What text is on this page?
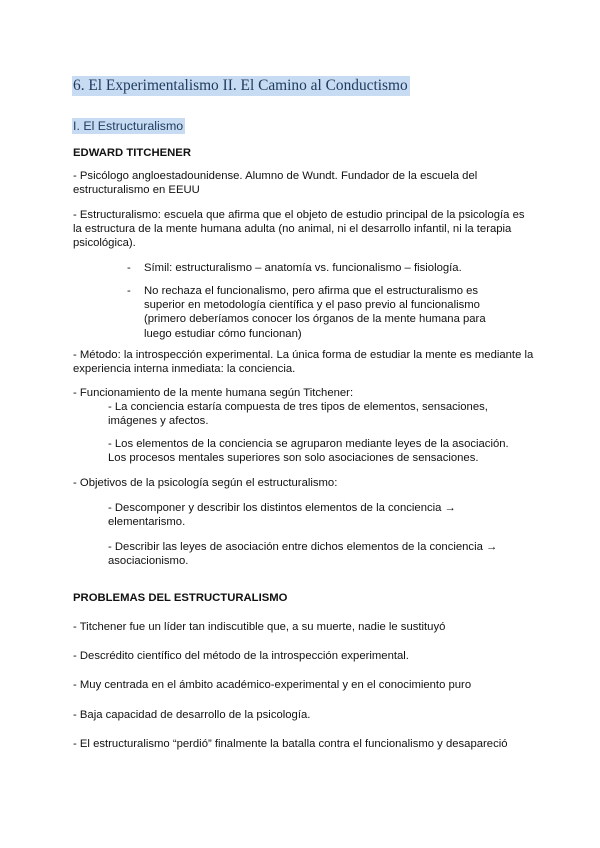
6. El Experimentalismo II. El Camino al Conductismo
I. El Estructuralismo
EDWARD TITCHENER
- Psicólogo angloestadounidense. Alumno de Wundt. Fundador de la escuela del estructuralismo en EEUU
- Estructuralismo: escuela que afirma que el objeto de estudio principal de la psicología es la estructura de la mente humana adulta (no animal, ni el desarrollo infantil, ni la terapia psicológica).
- Símil: estructuralismo – anatomía vs. funcionalismo – fisiología.
- No rechaza el funcionalismo, pero afirma que el estructuralismo es superior en metodología científica y el paso previo al funcionalismo (primero deberíamos conocer los órganos de la mente humana para luego estudiar cómo funcionan)
- Método: la introspección experimental. La única forma de estudiar la mente es mediante la experiencia interna inmediata: la conciencia.
- Funcionamiento de la mente humana según Titchener:
- La conciencia estaría compuesta de tres tipos de elementos, sensaciones, imágenes y afectos.
- Los elementos de la conciencia se agruparon mediante leyes de la asociación. Los procesos mentales superiores son solo asociaciones de sensaciones.
- Objetivos de la psicología según el estructuralismo:
- Descomponer y describir los distintos elementos de la conciencia → elementarismo.
- Describir las leyes de asociación entre dichos elementos de la conciencia → asociacionismo.
PROBLEMAS DEL ESTRUCTURALISMO
- Titchener fue un líder tan indiscutible que, a su muerte, nadie le sustituyó
- Descrédito científico del método de la introspección experimental.
- Muy centrada en el ámbito académico-experimental y en el conocimiento puro
- Baja capacidad de desarrollo de la psicología.
- El estructuralismo “perdió” finalmente la batalla contra el funcionalismo y desapareció
